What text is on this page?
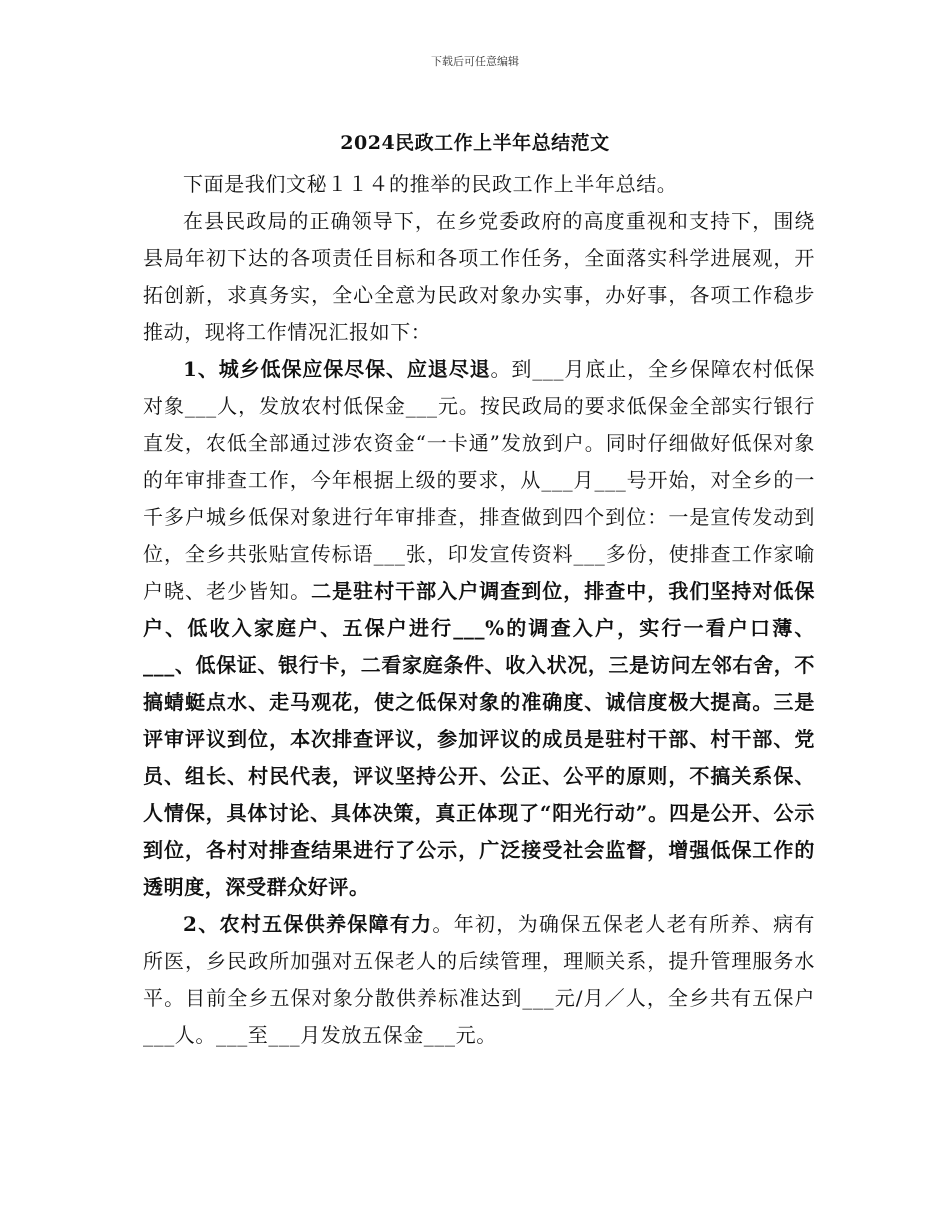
下载后可任意编辑
2024民政工作上半年总结范文

下面是我们文秘１１４的推举的民政工作上半年总结。

在县民政局的正确领导下，在乡党委政府的高度重视和支持下，围绕县局年初下达的各项责任目标和各项工作任务，全面落实科学进展观，开拓创新，求真务实，全心全意为民政对象办实事，办好事，各项工作稳步推动，现将工作情况汇报如下：

1、城乡低保应保尽保、应退尽退。到___月底止，全乡保障农村低保对象___人，发放农村低保金___元。按民政局的要求低保金全部实行银行直发，农低全部通过涉农资金“一卡通”发放到户。同时仔细做好低保对象的年审排查工作，今年根据上级的要求，从___月___号开始，对全乡的一千多户城乡低保对象进行年审排查，排查做到四个到位：一是宣传发动到位，全乡共张贴宣传标语___张，印发宣传资料___多份，使排查工作家喻户晓、老少皆知。二是驻村干部入户调查到位，排查中，我们坚持对低保户、低收入家庭户、五保户进行___%的调查入户，实行一看户口薄、___、低保证、银行卡，二看家庭条件、收入状况，三是访问左邻右舍，不搞蜻蜓点水、走马观花，使之低保对象的准确度、诚信度极大提高。三是评审评议到位，本次排查评议，参加评议的成员是驻村干部、村干部、党员、组长、村民代表，评议坚持公开、公正、公平的原则，不搞关系保、人情保，具体讨论、具体决策，真正体现了“阳光行动”。四是公开、公示到位，各村对排查结果进行了公示，广泛接受社会监督，增强低保工作的透明度，深受群众好评。

2、农村五保供养保障有力。年初，为确保五保老人老有所养、病有所医，乡民政所加强对五保老人的后续管理，理顺关系，提升管理服务水平。目前全乡五保对象分散供养标准达到___元/月／人，全乡共有五保户___人。___至___月发放五保金___元。
